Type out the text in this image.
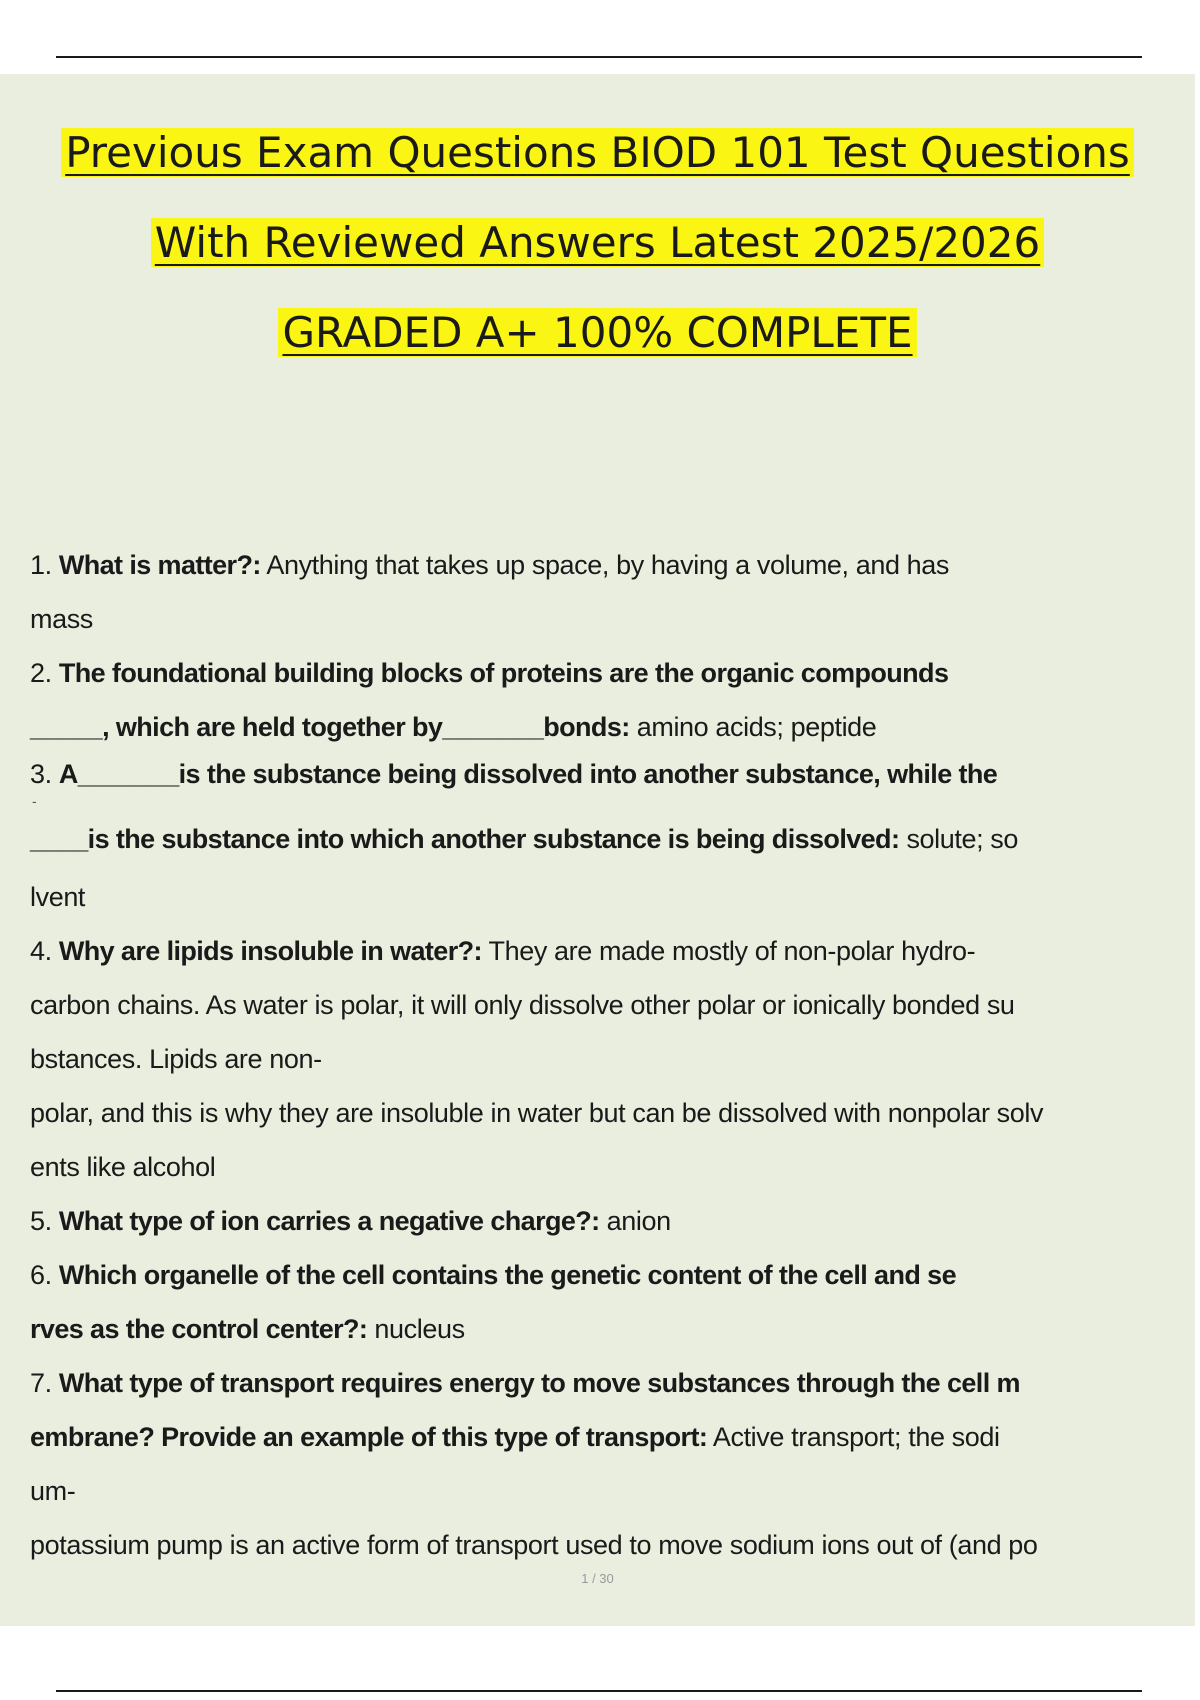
Previous Exam Questions BIOD 101 Test Questions
With Reviewed Answers Latest 2025/2026
GRADED A+ 100% COMPLETE
1. What is matter?: Anything that takes up space, by having a volume, and has
mass
2. The foundational building blocks of proteins are the organic compounds
_____, which are held together by_______bonds: amino acids; peptide
3. A_______is the substance being dissolved into another substance, while the
-
____is the substance into which another substance is being dissolved: solute; so
lvent
4. Why are lipids insoluble in water?: They are made mostly of non-polar hydro-
carbon chains. As water is polar, it will only dissolve other polar or ionically bonded su
bstances. Lipids are non-
polar, and this is why they are insoluble in water but can be dissolved with nonpolar solv
ents like alcohol
5. What type of ion carries a negative charge?: anion
6. Which organelle of the cell contains the genetic content of the cell and se
rves as the control center?: nucleus
7. What type of transport requires energy to move substances through the cell m
embrane? Provide an example of this type of transport: Active transport; the sodi
um-
potassium pump is an active form of transport used to move sodium ions out of (and po
1 / 30
